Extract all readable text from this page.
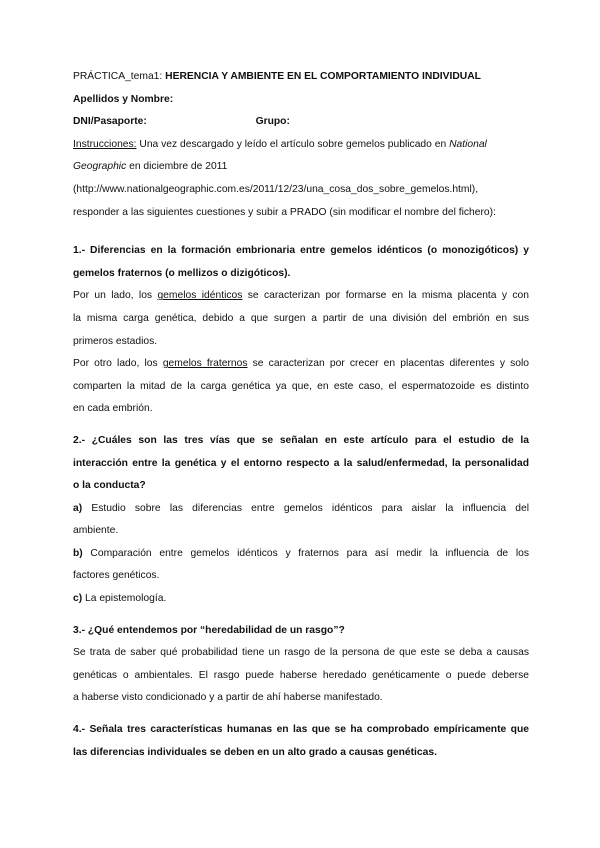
PRÁCTICA_tema1: HERENCIA Y AMBIENTE EN EL COMPORTAMIENTO INDIVIDUAL
Apellidos y Nombre:
DNI/Pasaporte:	Grupo:
Instrucciones: Una vez descargado y leído el artículo sobre gemelos publicado en National
Geographic en diciembre de 2011
(http://www.nationalgeographic.com.es/2011/12/23/una_cosa_dos_sobre_gemelos.html),
responder a las siguientes cuestiones y subir a PRADO (sin modificar el nombre del fichero):
1.- Diferencias en la formación embrionaria entre gemelos idénticos (o monozigóticos) y
gemelos fraternos (o mellizos o dizigóticos).
Por un lado, los gemelos idénticos se caracterizan por formarse en la misma placenta y con
la misma carga genética, debido a que surgen a partir de una división del embrión en sus
primeros estadios.
Por otro lado, los gemelos fraternos se caracterizan por crecer en placentas diferentes y solo
comparten la mitad de la carga genética ya que, en este caso, el espermatozoide es distinto
en cada embrión.
2.- ¿Cuáles son las tres vías que se señalan en este artículo para el estudio de la
interacción entre la genética y el entorno respecto a la salud/enfermedad, la personalidad
o la conducta?
a) Estudio sobre las diferencias entre gemelos idénticos para aislar la influencia del
ambiente.
b) Comparación entre gemelos idénticos y fraternos para así medir la influencia de los
factores genéticos.
c) La epistemología.
3.- ¿Qué entendemos por “heredabilidad de un rasgo”?
Se trata de saber qué probabilidad tiene un rasgo de la persona de que este se deba a causas
genéticas o ambientales. El rasgo puede haberse heredado genéticamente o puede deberse
a haberse visto condicionado y a partir de ahí haberse manifestado.
4.- Señala tres características humanas en las que se ha comprobado empíricamente que
las diferencias individuales se deben en un alto grado a causas genéticas.
